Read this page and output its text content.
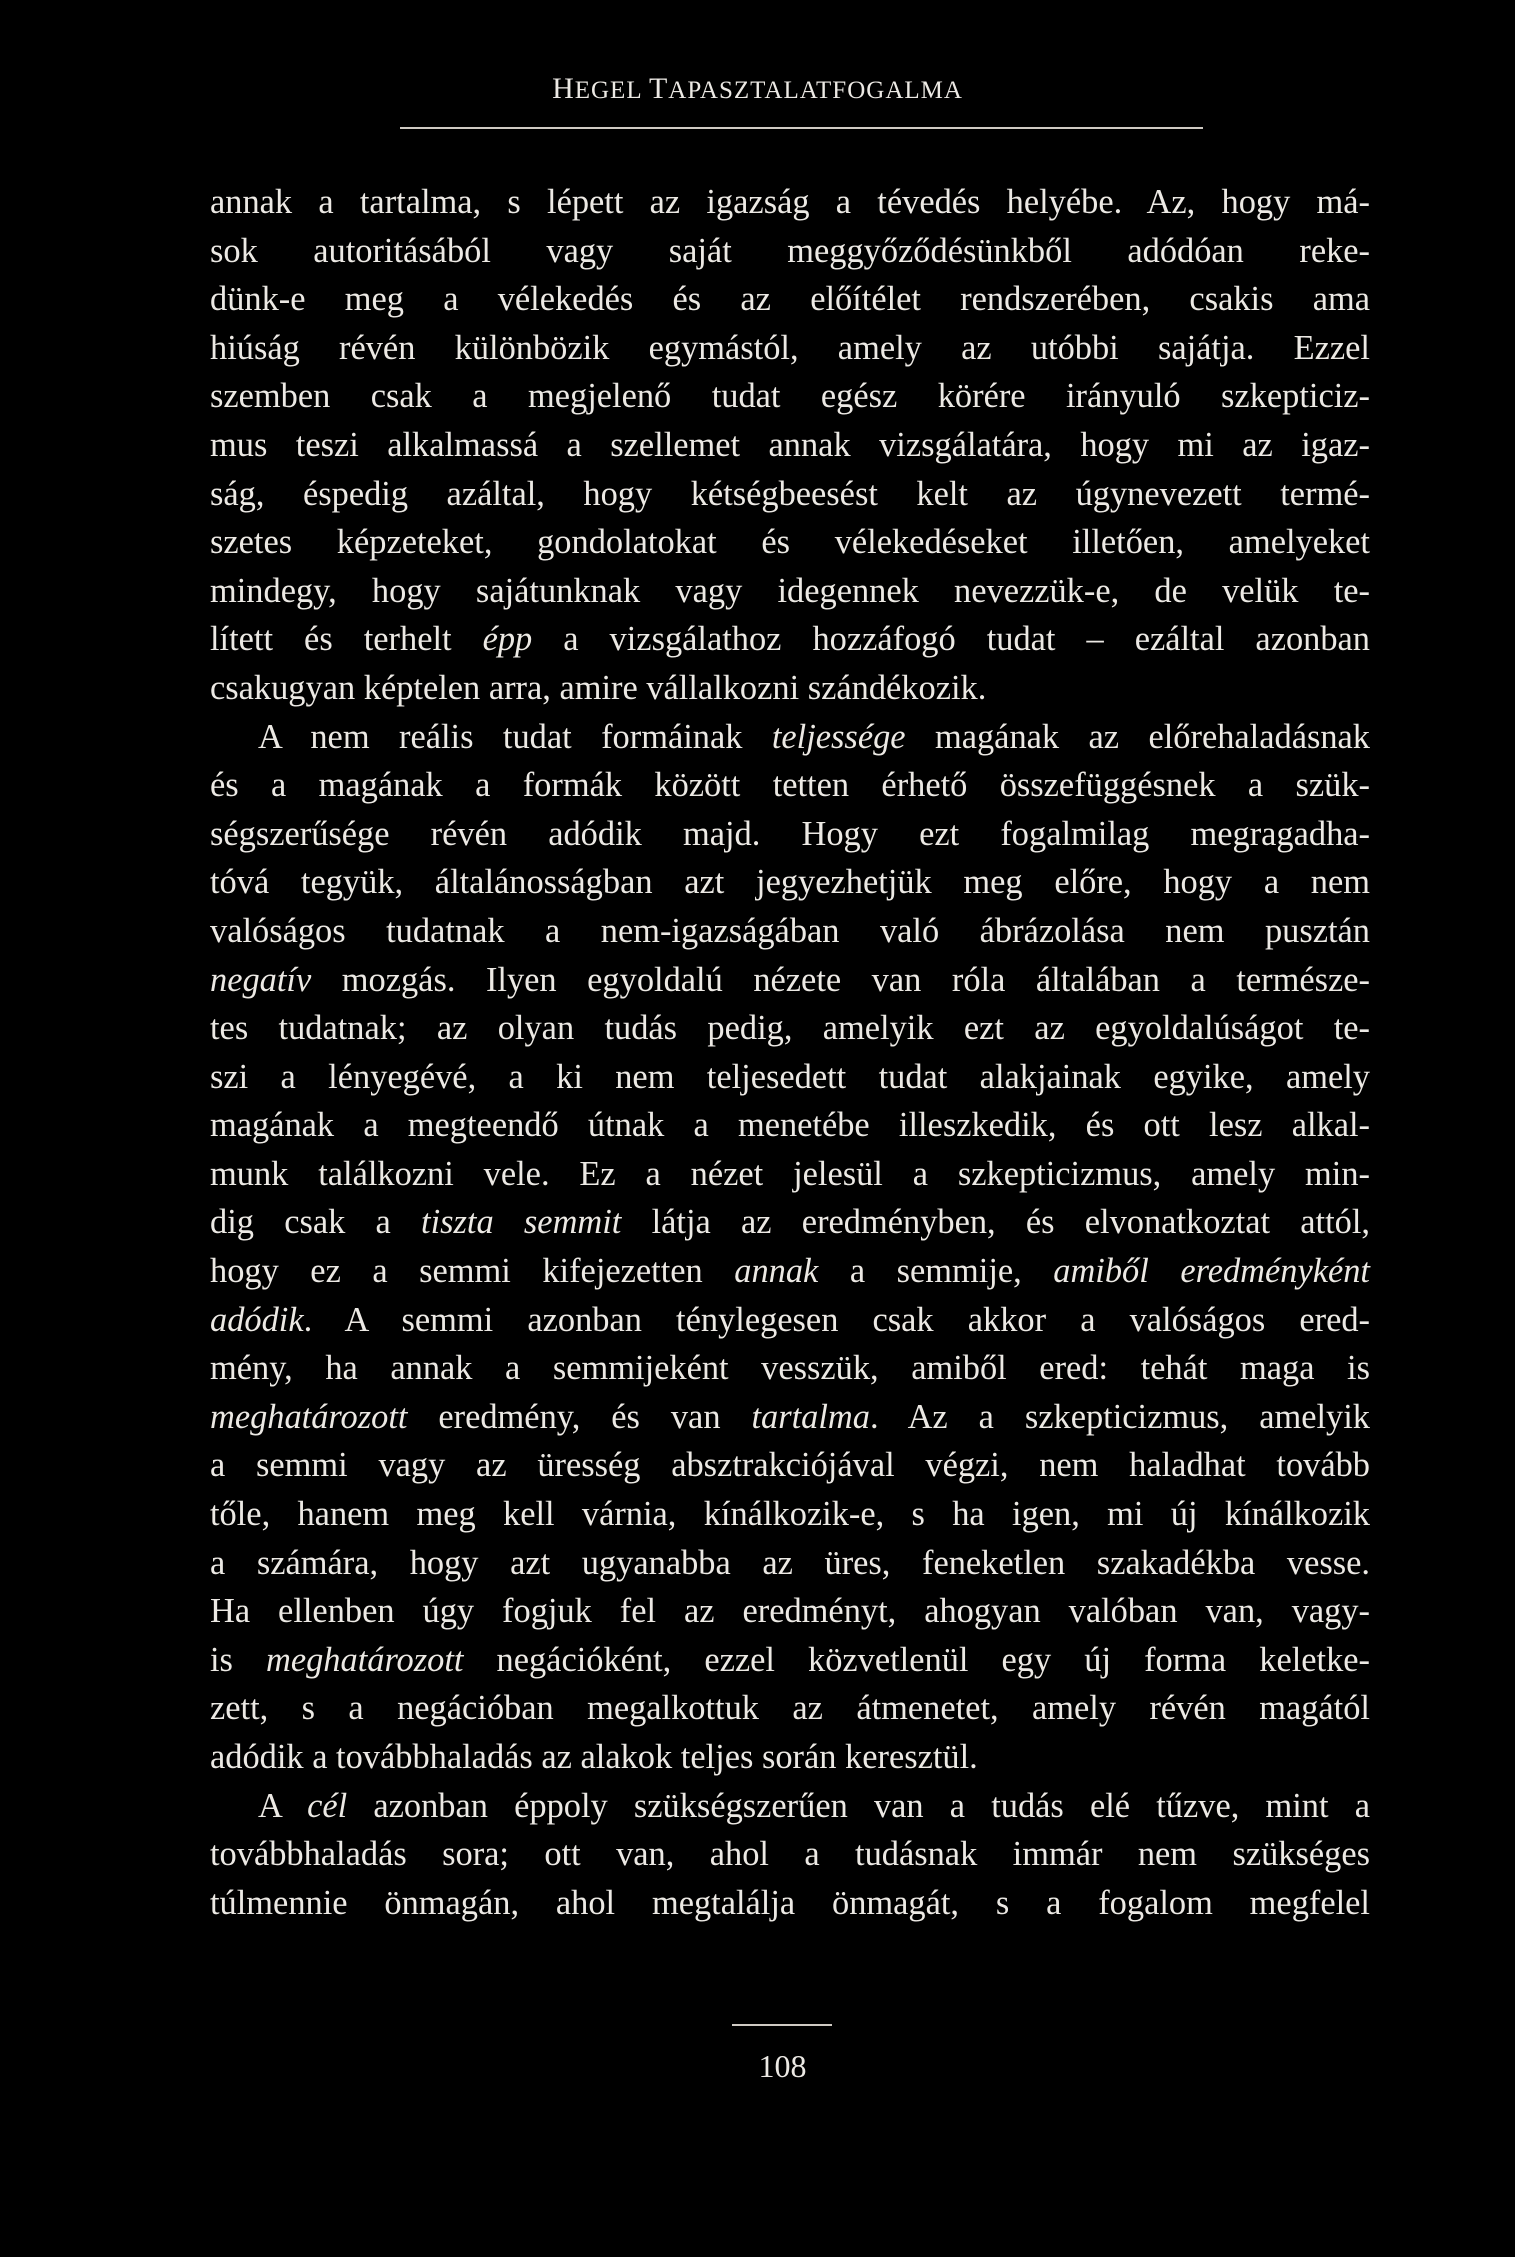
HEGEL TAPASZTALATFOGALMA
annak a tartalma, s lépett az igazság a tévedés helyébe. Az, hogy má-
sok autoritásából vagy saját meggyőződésünkből adódóan reke-
dünk-e meg a vélekedés és az előítélet rendszerében, csakis ama
hiúság révén különbözik egymástól, amely az utóbbi sajátja. Ezzel
szemben csak a megjelenő tudat egész körére irányuló szkepticiz-
mus teszi alkalmassá a szellemet annak vizsgálatára, hogy mi az igaz-
ság, éspedig azáltal, hogy kétségbeesést kelt az úgynevezett termé-
szetes képzeteket, gondolatokat és vélekedéseket illetően, amelyeket
mindegy, hogy sajátunknak vagy idegennek nevezzük-e, de velük te-
lített és terhelt épp a vizsgálathoz hozzáfogó tudat – ezáltal azonban
csakugyan képtelen arra, amire vállalkozni szándékozik.
A nem reális tudat formáinak teljessége magának az előrehaladásnak
és a magának a formák között tetten érhető összefüggésnek a szük-
ségszerűsége révén adódik majd. Hogy ezt fogalmilag megragadha-
tóvá tegyük, általánosságban azt jegyezhetjük meg előre, hogy a nem
valóságos tudatnak a nem-igazságában való ábrázolása nem pusztán
negatív mozgás. Ilyen egyoldalú nézete van róla általában a természe-
tes tudatnak; az olyan tudás pedig, amelyik ezt az egyoldalúságot te-
szi a lényegévé, a ki nem teljesedett tudat alakjainak egyike, amely
magának a megteendő útnak a menetébe illeszkedik, és ott lesz alkal-
munk találkozni vele. Ez a nézet jelesül a szkepticizmus, amely min-
dig csak a tiszta semmit látja az eredményben, és elvonatkoztat attól,
hogy ez a semmi kifejezetten annak a semmije, amiből eredményként
adódik. A semmi azonban ténylegesen csak akkor a valóságos ered-
mény, ha annak a semmijeként vesszük, amiből ered: tehát maga is
meghatározott eredmény, és van tartalma. Az a szkepticizmus, amelyik
a semmi vagy az üresség absztrakciójával végzi, nem haladhat tovább
tőle, hanem meg kell várnia, kínálkozik-e, s ha igen, mi új kínálkozik
a számára, hogy azt ugyanabba az üres, feneketlen szakadékba vesse.
Ha ellenben úgy fogjuk fel az eredményt, ahogyan valóban van, vagy-
is meghatározott negációként, ezzel közvetlenül egy új forma keletke-
zett, s a negációban megalkottuk az átmenetet, amely révén magától
adódik a továbbhaladás az alakok teljes során keresztül.
A cél azonban éppoly szükségszerűen van a tudás elé tűzve, mint a
továbbhaladás sora; ott van, ahol a tudásnak immár nem szükséges
túlmennie önmagán, ahol megtalálja önmagát, s a fogalom megfelel
108
